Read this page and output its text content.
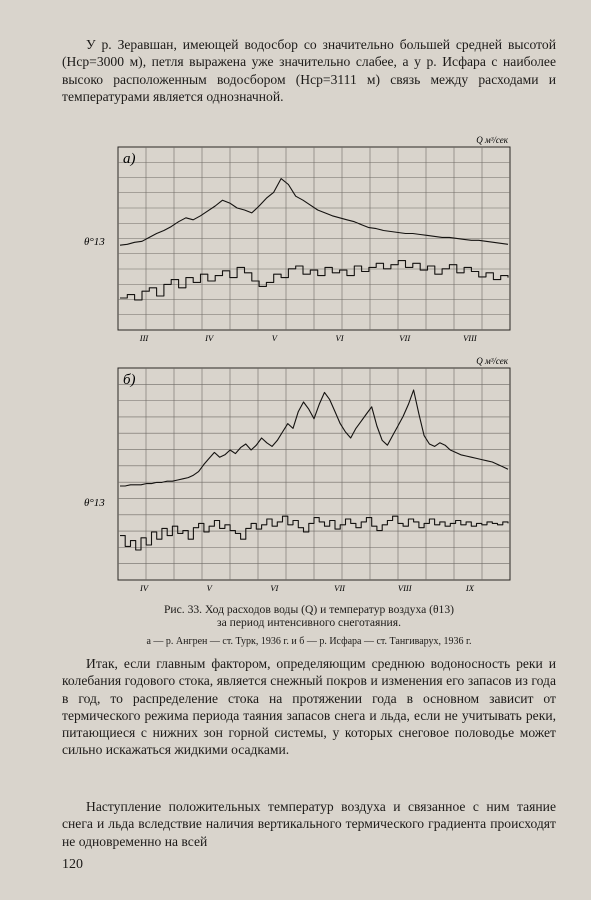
У р. Зеравшан, имеющей водосбор со значительно большей средней высотой (Нср=3000 м), петля выражена уже значительно слабее, а у р. Исфара с наиболее высоко расположенным водосбором (Нср=3111 м) связь между расходами и температурами является однозначной.

а)
Q м³/сек
θ°13
III	IV	V	VI	VII	VIII
б)
Q м³/сек
θ°13
IV	V	VI	VII	VIII	IX
Рис. 33. Ход расходов воды (Q) и температур воздуха (θ13)
за период интенсивного снеготаяния.
а — р. Ангрен — ст. Турк, 1936 г. и б — р. Исфара — ст. Тангиварух, 1936 г.

Итак, если главным фактором, определяющим среднюю водоносность реки и колебания годового стока, является снежный покров и изменения его запасов из года в год, то распределение стока на протяжении года в основном зависит от термического режима периода таяния запасов снега и льда, если не учитывать реки, питающиеся с нижних зон горной системы, у которых снеговое половодье может сильно искажаться жидкими осадками.

Наступление положительных температур воздуха и связанное с ним таяние снега и льда вследствие наличия вертикального термического градиента происходят не одновременно на всей

120
